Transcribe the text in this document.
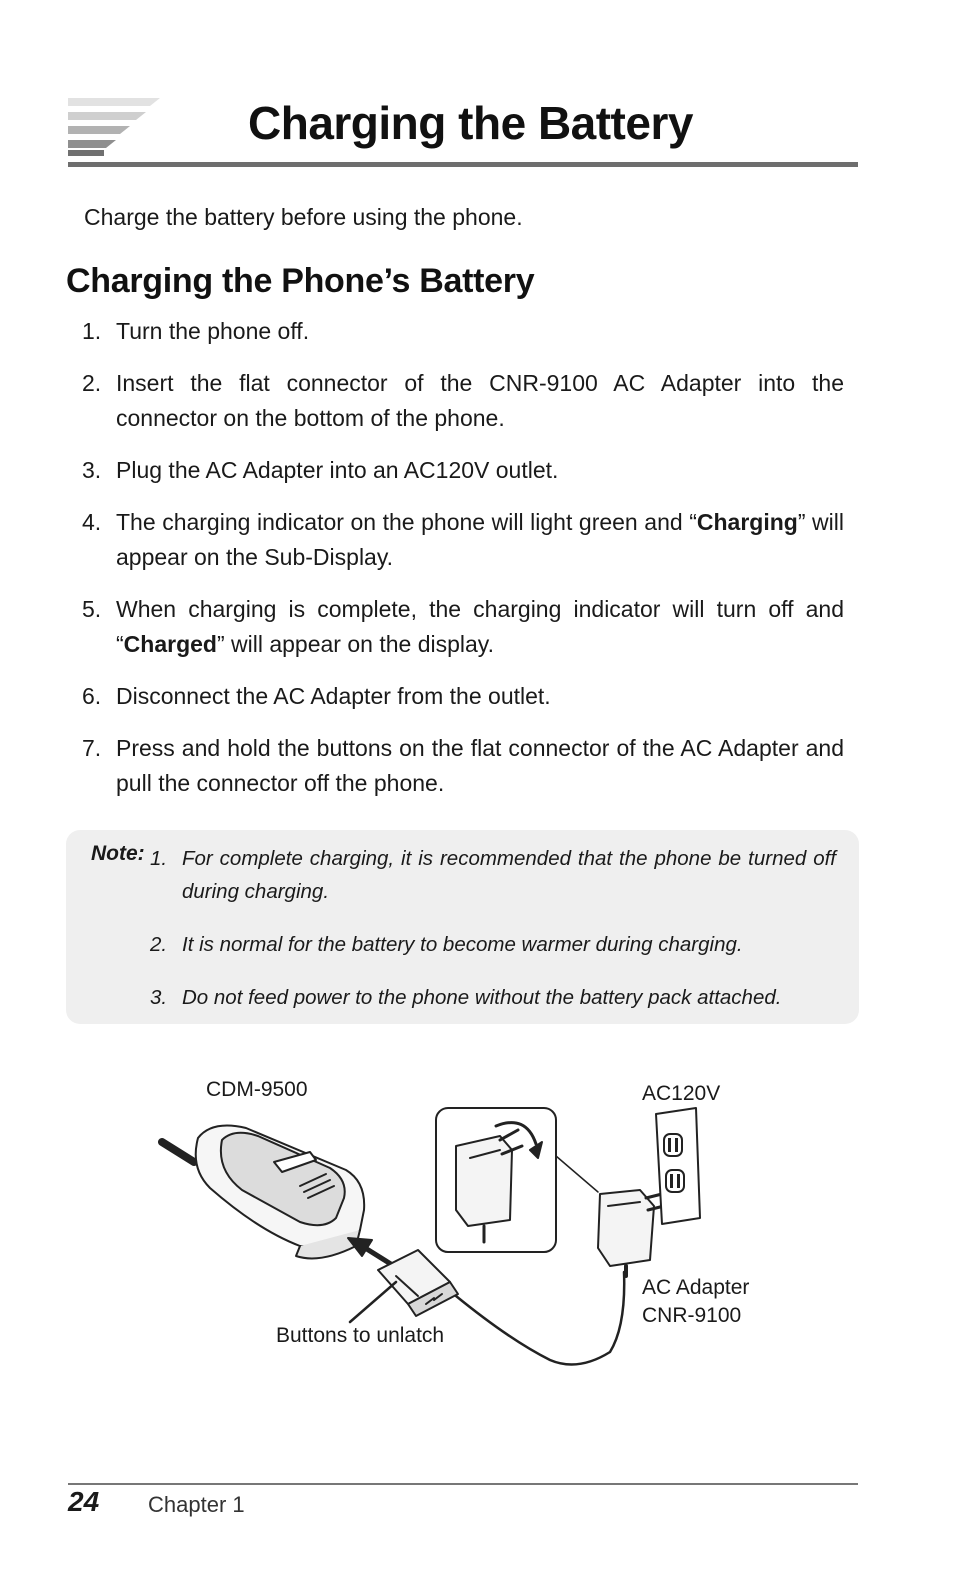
Charging the Battery

Charge the battery before using the phone.

Charging the Phone’s Battery
1. Turn the phone off.
2. Insert the flat connector of the CNR-9100 AC Adapter into the connector on the bottom of the phone.
3. Plug the AC Adapter into an AC120V outlet.
4. The charging indicator on the phone will light green and “Charging” will appear on the Sub-Display.
5. When charging is complete, the charging indicator will turn off and “Charged” will appear on the display.
6. Disconnect the AC Adapter from the outlet.
7. Press and hold the buttons on the flat connector of the AC Adapter and pull the connector off the phone.
Note: 1. For complete charging, it is recommended that the phone be turned off during charging.
2. It is normal for the battery to become warmer during charging.
3. Do not feed power to the phone without the battery pack attached.
CDM-9500	AC120V
AC Adapter
CNR-9100
Buttons to unlatch
24 Chapter 1
